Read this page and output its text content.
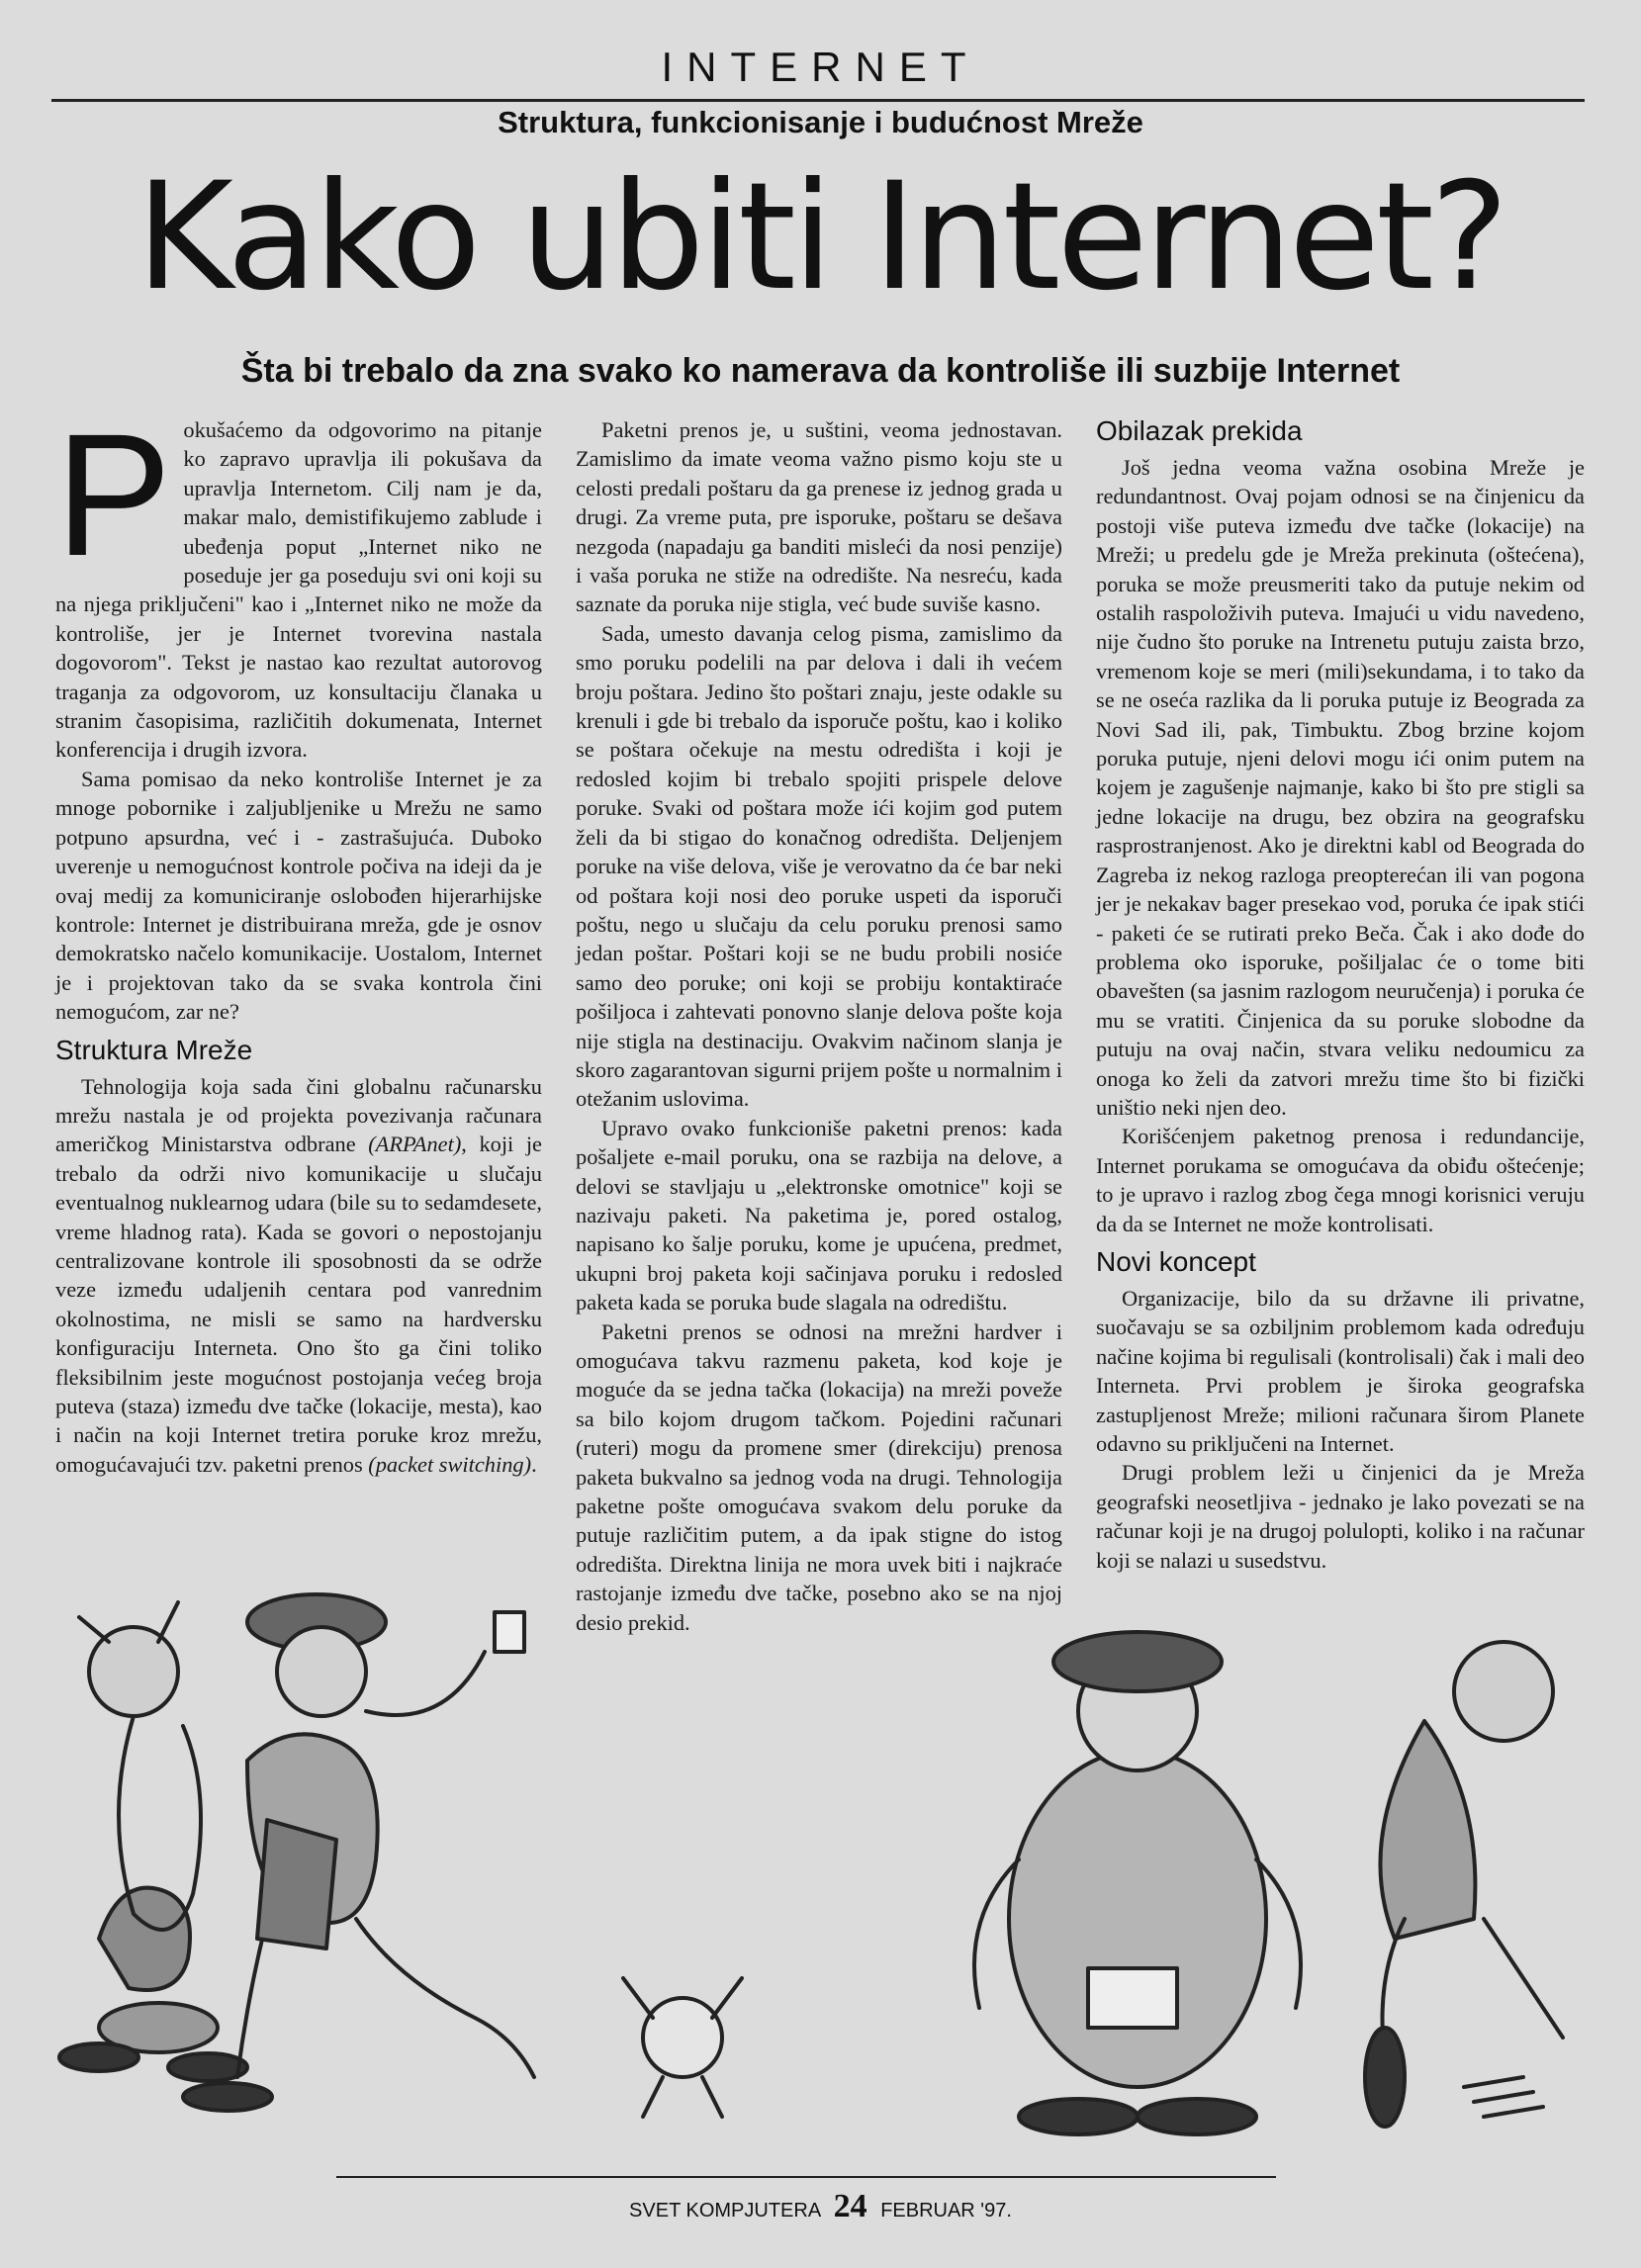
INTERNET
Struktura, funkcionisanje i budućnost Mreže
Kako ubiti Internet?
Šta bi trebalo da zna svako ko namerava da kontroliše ili suzbije Internet
P okušaćemo da odgovorimo na pitanje ko zapravo upravlja ili pokušava da upravlja Internetom. Cilj nam je da, makar malo, demistifikujemo zablude i ubeđenja poput „Internet niko ne poseduje jer ga poseduju svi oni koji su na njega priključeni" kao i „Internet niko ne može da kontroliše, jer je Internet tvorevina nastala dogovorom". Tekst je nastao kao rezultat autorovog traganja za odgovorom, uz konsultaciju članaka u stranim časopisima, različitih dokumenata, Internet konferencija i drugih izvora.

Sama pomisao da neko kontroliše Internet je za mnoge pobornike i zaljubljenike u Mrežu ne samo potpuno apsurdna, već i - zastrašujuća. Duboko uverenje u nemogućnost kontrole počiva na ideji da je ovaj medij za komuniciranje oslobođen hijerarhijske kontrole: Internet je distribuirana mreža, gde je osnov demokratsko načelo komunikacije. Uostalom, Internet je i projektovan tako da se svaka kontrola čini nemogućom, zar ne?

Struktura Mreže

Tehnologija koja sada čini globalnu računarsku mrežu nastala je od projekta povezivanja računara američkog Ministarstva odbrane (ARPAnet), koji je trebalo da održi nivo komunikacije u slučaju eventualnog nuklearnog udara (bile su to sedamdesete, vreme hladnog rata). Kada se govori o nepostojanju centralizovane kontrole ili sposobnosti da se održe veze između udaljenih centara pod vanrednim okolnostima, ne misli se samo na hardversku konfiguraciju Interneta. Ono što ga čini toliko fleksibilnim jeste mogućnost postojanja većeg broja puteva (staza) između dve tačke (lokacije, mesta), kao i način na koji Internet tretira poruke kroz mrežu, omogućavajući tzv. paketni prenos (packet switching).

Paketni prenos je, u suštini, veoma jednostavan. Zamislimo da imate veoma važno pismo koju ste u celosti predali poštaru da ga prenese iz jednog grada u drugi. Za vreme puta, pre isporuke, poštaru se dešava nezgoda (napadaju ga banditi misleći da nosi penzije) i vaša poruka ne stiže na odredište. Na nesreću, kada saznate da poruka nije stigla, već bude suviše kasno.

Sada, umesto davanja celog pisma, zamislimo da smo poruku podelili na par delova i dali ih većem broju poštara. Jedino što poštari znaju, jeste odakle su krenuli i gde bi trebalo da isporuče poštu, kao i koliko se poštara očekuje na mestu odredišta i koji je redosled kojim bi trebalo spojiti prispele delove poruke. Svaki od poštara može ići kojim god putem želi da bi stigao do konačnog odredišta. Deljenjem poruke na više delova, više je verovatno da će bar neki od poštara koji nosi deo poruke uspeti da isporuči poštu, nego u slučaju da celu poruku prenosi samo jedan poštar. Poštari koji se ne budu probili nosiće samo deo poruke; oni koji se probiju kontaktiraće pošiljoca i zahtevati ponovno slanje delova pošte koja nije stigla na destinaciju. Ovakvim načinom slanja je skoro zagarantovan sigurni prijem pošte u normalnim i otežanim uslovima.

Upravo ovako funkcioniše paketni prenos: kada pošaljete e-mail poruku, ona se razbija na delove, a delovi se stavljaju u „elektronske omotnice" koji se nazivaju paketi. Na paketima je, pored ostalog, napisano ko šalje poruku, kome je upućena, predmet, ukupni broj paketa koji sačinjava poruku i redosled paketa kada se poruka bude slagala na odredištu.

Paketni prenos se odnosi na mrežni hardver i omogućava takvu razmenu paketa, kod koje je moguće da se jedna tačka (lokacija) na mreži poveže sa bilo kojom drugom tačkom. Pojedini računari (ruteri) mogu da promene smer (direkciju) prenosa paketa bukvalno sa jednog voda na drugi. Tehnologija paketne pošte omogućava svakom delu poruke da putuje različitim putem, a da ipak stigne do istog odredišta. Direktna linija ne mora uvek biti i najkraće rastojanje između dve tačke, posebno ako se na njoj desio prekid.

Obilazak prekida

Još jedna veoma važna osobina Mreže je redundantnost. Ovaj pojam odnosi se na činjenicu da postoji više puteva između dve tačke (lokacije) na Mreži; u predelu gde je Mreža prekinuta (oštećena), poruka se može preusmeriti tako da putuje nekim od ostalih raspoloživih puteva. Imajući u vidu navedeno, nije čudno što poruke na Intrenetu putuju zaista brzo, vremenom koje se meri (mili)sekundama, i to tako da se ne oseća razlika da li poruka putuje iz Beograda za Novi Sad ili, pak, Timbuktu. Zbog brzine kojom poruka putuje, njeni delovi mogu ići onim putem na kojem je zagušenje najmanje, kako bi što pre stigli sa jedne lokacije na drugu, bez obzira na geografsku rasprostranjenost. Ako je direktni kabl od Beograda do Zagreba iz nekog razloga preopterećan ili van pogona jer je nekakav bager presekao vod, poruka će ipak stići - paketi će se rutirati preko Beča. Čak i ako dođe do problema oko isporuke, pošiljalac će o tome biti obavešten (sa jasnim razlogom neuručenja) i poruka će mu se vratiti. Činjenica da su poruke slobodne da putuju na ovaj način, stvara veliku nedoumicu za onoga ko želi da zatvori mrežu time što bi fizički uništio neki njen deo.

Korišćenjem paketnog prenosa i redundancije, Internet porukama se omogućava da obiđu oštećenje; to je upravo i razlog zbog čega mnogi korisnici veruju da da se Internet ne može kontrolisati.

Novi koncept

Organizacije, bilo da su državne ili privatne, suočavaju se sa ozbiljnim problemom kada određuju načine kojima bi regulisali (kontrolisali) čak i mali deo Interneta. Prvi problem je široka geografska zastupljenost Mreže; milioni računara širom Planete odavno su priključeni na Internet.

Drugi problem leži u činjenici da je Mreža geografski neosetljiva - jednako je lako povezati se na računar koji je na drugoj polulopti, koliko i na računar koji se nalazi u susedstvu.

SVET KOMPJUTERA 24 FEBRUAR '97.
